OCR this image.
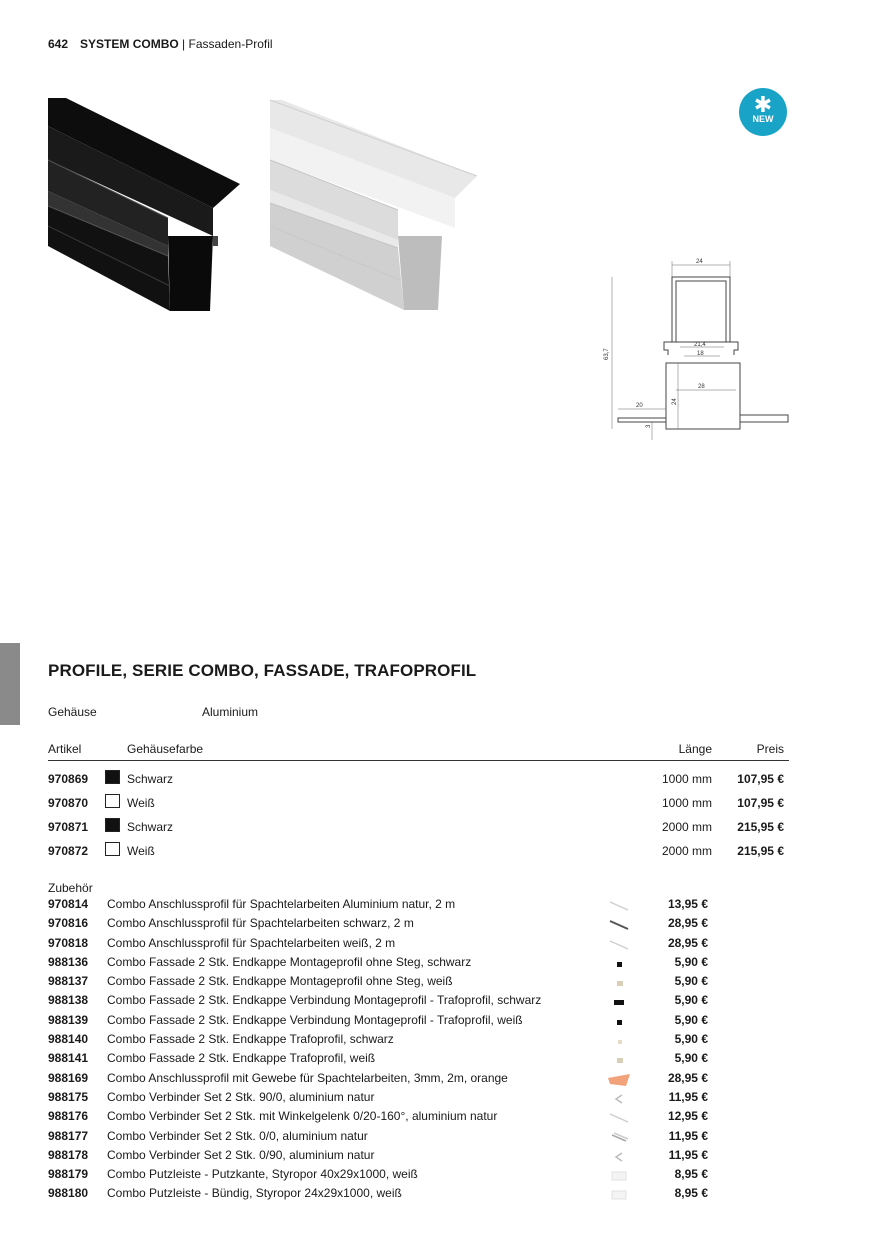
642 SYSTEM COMBO | Fassaden-Profil
✱
NEW
24
21,4
18
28
20
63,7
24
3
PROFILE, SERIE COMBO, FASSADE, TRAFOPROFIL
Gehäuse	Aluminium
Artikel	Gehäusefarbe	Länge	Preis
970869	Schwarz	1000 mm 107,95 €
970870	Weiß	1000 mm 107,95 €
970871	Schwarz	2000 mm 215,95 €
970872	Weiß	2000 mm 215,95 €
Zubehör
970814 Combo Anschlussprofil für Spachtelarbeiten Aluminium natur, 2 m	13,95 €
970816 Combo Anschlussprofil für Spachtelarbeiten schwarz, 2 m	28,95 €
970818 Combo Anschlussprofil für Spachtelarbeiten weiß, 2 m	28,95 €
988136 Combo Fassade 2 Stk. Endkappe Montageprofil ohne Steg, schwarz	5,90 €
988137 Combo Fassade 2 Stk. Endkappe Montageprofil ohne Steg, weiß	5,90 €
988138 Combo Fassade 2 Stk. Endkappe Verbindung Montageprofil - Trafoprofil, schwarz	5,90 €
988139 Combo Fassade 2 Stk. Endkappe Verbindung Montageprofil - Trafoprofil, weiß	5,90 €
988140 Combo Fassade 2 Stk. Endkappe Trafoprofil, schwarz	5,90 €
988141 Combo Fassade 2 Stk. Endkappe Trafoprofil, weiß	5,90 €
988169 Combo Anschlussprofil mit Gewebe für Spachtelarbeiten, 3mm, 2m, orange	28,95 €
988175 Combo Verbinder Set 2 Stk. 90/0, aluminium natur	11,95 €
988176 Combo Verbinder Set 2 Stk. mit Winkelgelenk 0/20-160°, aluminium natur	12,95 €
988177 Combo Verbinder Set 2 Stk. 0/0, aluminium natur	11,95 €
988178 Combo Verbinder Set 2 Stk. 0/90, aluminium natur	11,95 €
988179 Combo Putzleiste - Putzkante, Styropor 40x29x1000, weiß	8,95 €
988180 Combo Putzleiste - Bündig, Styropor 24x29x1000, weiß	8,95 €
